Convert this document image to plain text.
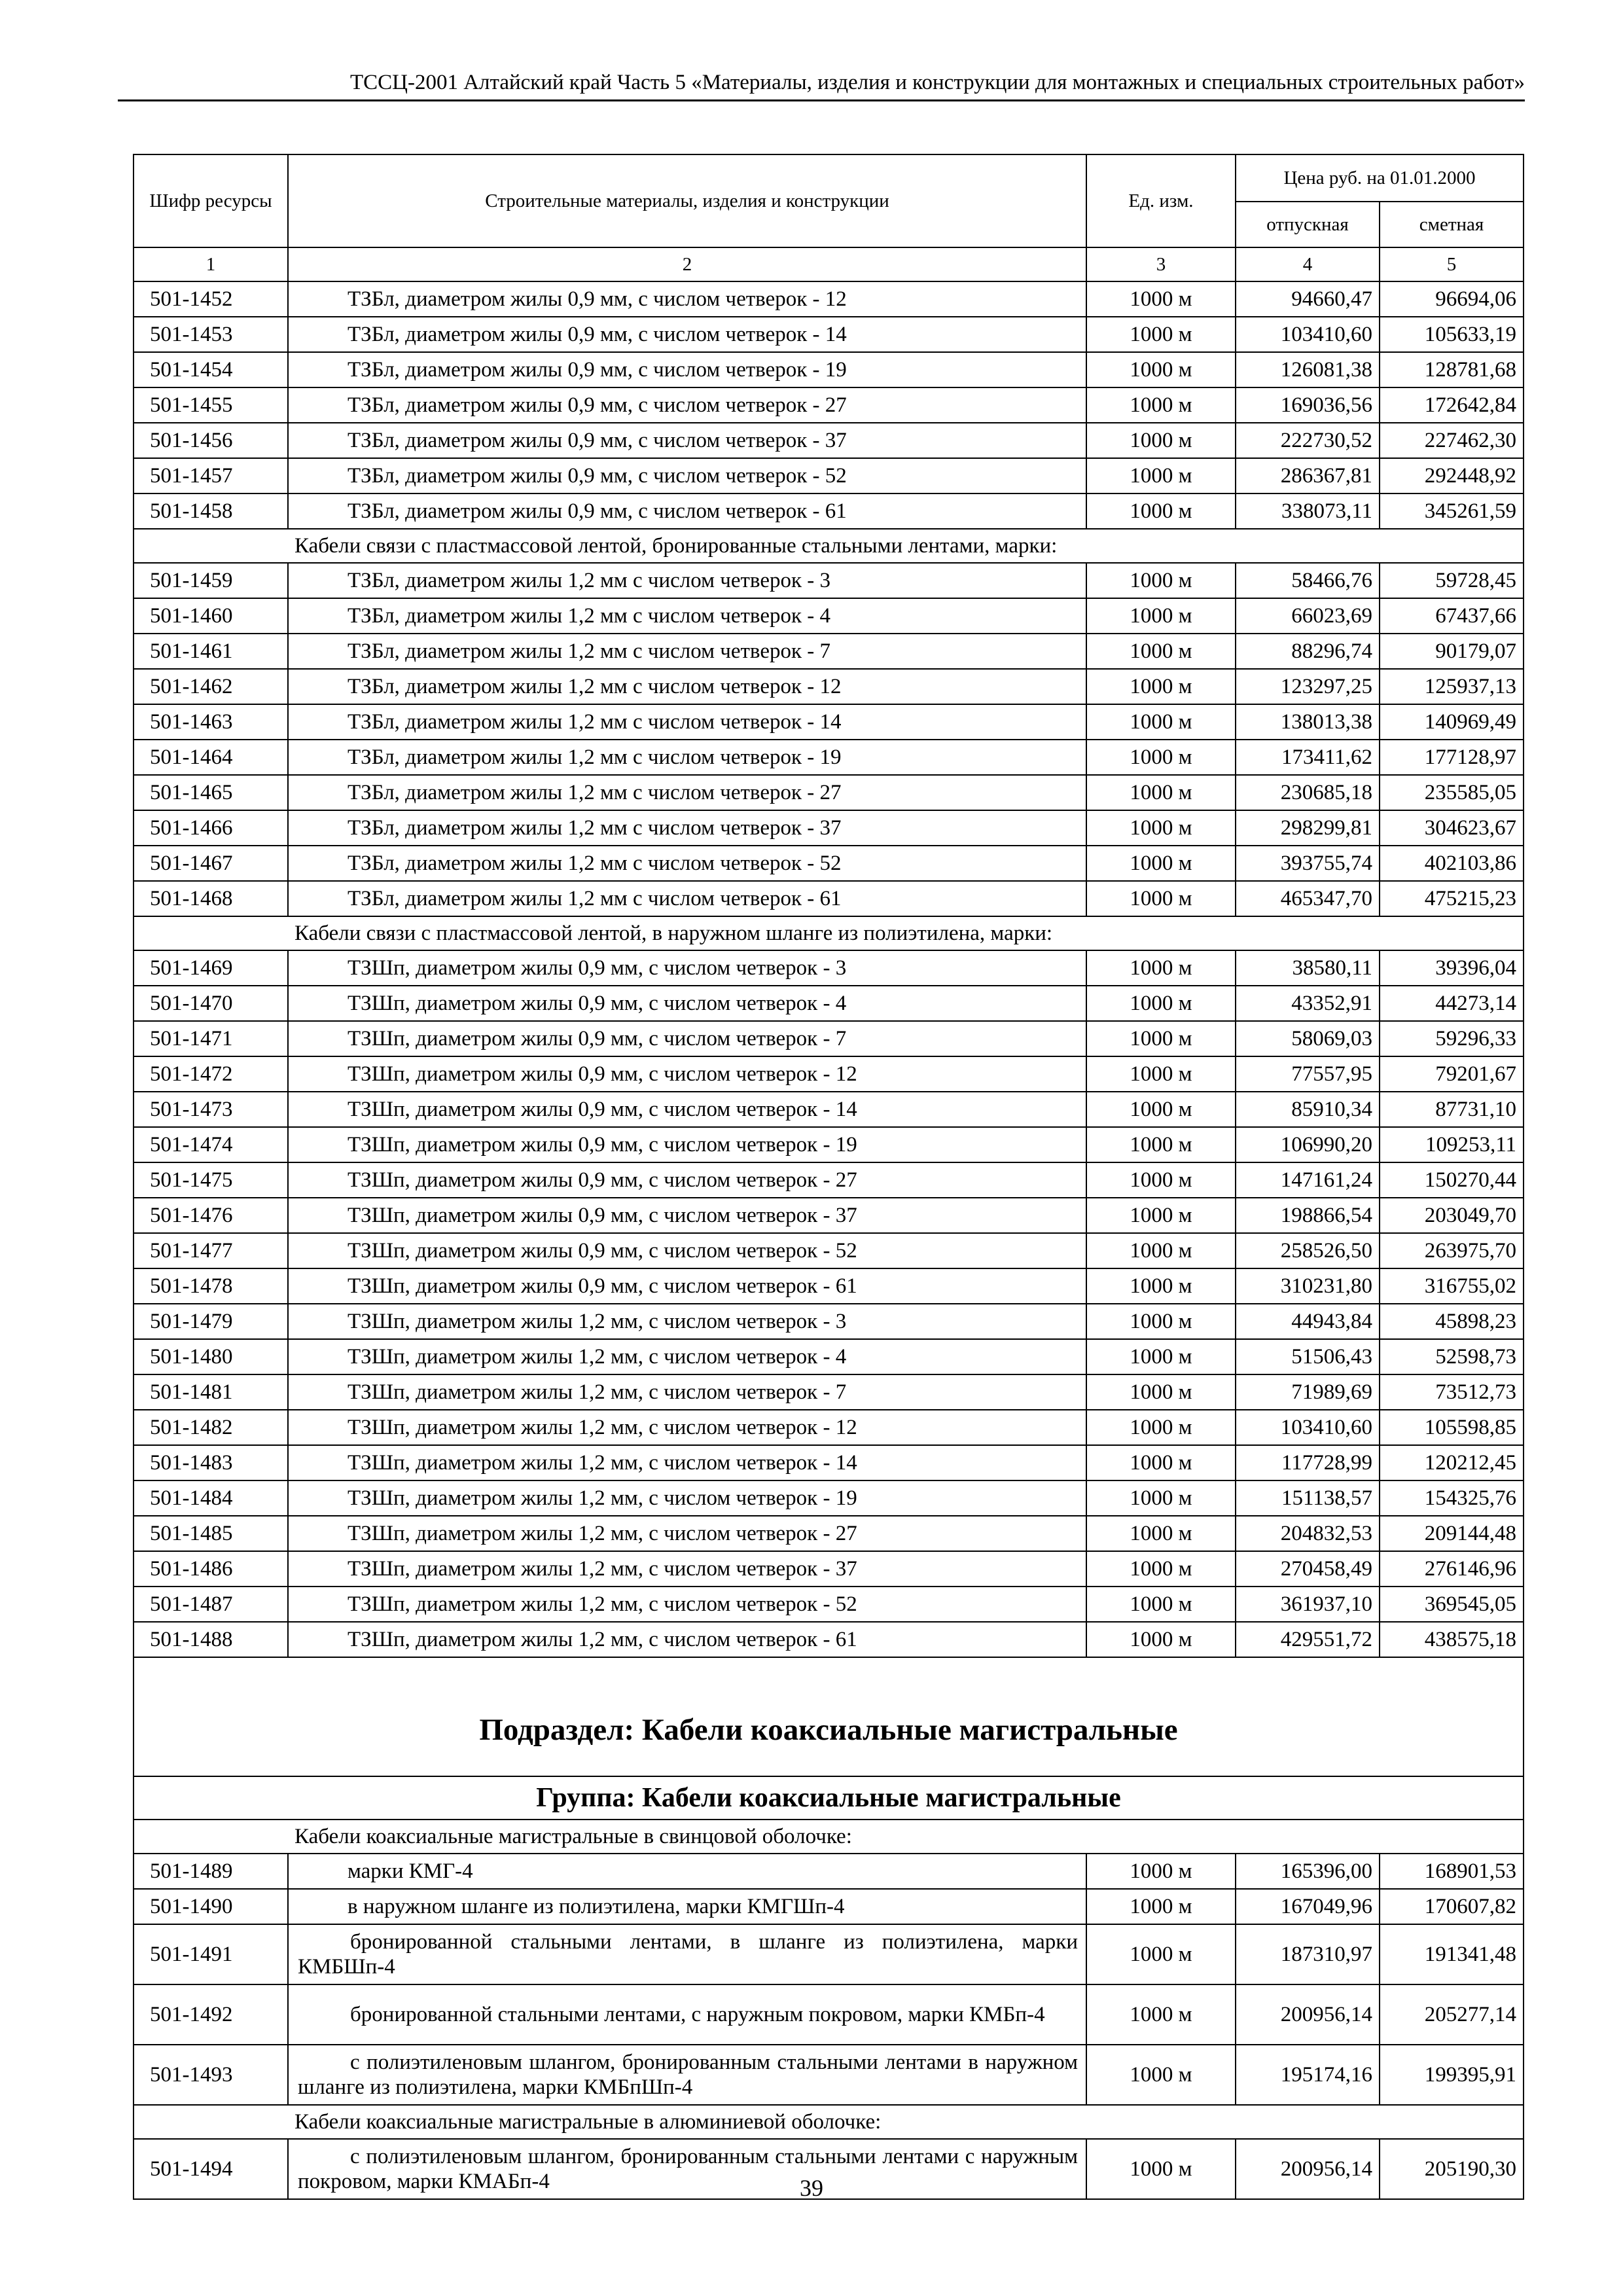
ТССЦ-2001 Алтайский край Часть 5 «Материалы, изделия и конструкции для монтажных и специальных строительных работ»
Шифр ресурсы	Строительные материалы, изделия и конструкции	Ед. изм.	Цена руб. на 01.01.2000	
			отпускная	сметная
1	2	3	4	5
501-1452	ТЗБл, диаметром жилы 0,9 мм, с числом четверок - 12	1000 м	94660,47	96694,06
501-1453	ТЗБл, диаметром жилы 0,9 мм, с числом четверок - 14	1000 м	103410,60	105633,19
501-1454	ТЗБл, диаметром жилы 0,9 мм, с числом четверок - 19	1000 м	126081,38	128781,68
501-1455	ТЗБл, диаметром жилы 0,9 мм, с числом четверок - 27	1000 м	169036,56	172642,84
501-1456	ТЗБл, диаметром жилы 0,9 мм, с числом четверок - 37	1000 м	222730,52	227462,30
501-1457	ТЗБл, диаметром жилы 0,9 мм, с числом четверок - 52	1000 м	286367,81	292448,92
501-1458	ТЗБл, диаметром жилы 0,9 мм, с числом четверок - 61	1000 м	338073,11	345261,59
Кабели связи с пластмассовой лентой, бронированные стальными лентами, марки:				
501-1459	ТЗБл, диаметром жилы 1,2 мм с числом четверок - 3	1000 м	58466,76	59728,45
501-1460	ТЗБл, диаметром жилы 1,2 мм с числом четверок - 4	1000 м	66023,69	67437,66
501-1461	ТЗБл, диаметром жилы 1,2 мм с числом четверок - 7	1000 м	88296,74	90179,07
501-1462	ТЗБл, диаметром жилы 1,2 мм с числом четверок - 12	1000 м	123297,25	125937,13
501-1463	ТЗБл, диаметром жилы 1,2 мм с числом четверок - 14	1000 м	138013,38	140969,49
501-1464	ТЗБл, диаметром жилы 1,2 мм с числом четверок - 19	1000 м	173411,62	177128,97
501-1465	ТЗБл, диаметром жилы 1,2 мм с числом четверок - 27	1000 м	230685,18	235585,05
501-1466	ТЗБл, диаметром жилы 1,2 мм с числом четверок - 37	1000 м	298299,81	304623,67
501-1467	ТЗБл, диаметром жилы 1,2 мм с числом четверок - 52	1000 м	393755,74	402103,86
501-1468	ТЗБл, диаметром жилы 1,2 мм с числом четверок - 61	1000 м	465347,70	475215,23
Кабели связи с пластмассовой лентой, в наружном шланге из полиэтилена, марки:				
501-1469	ТЗШп, диаметром жилы 0,9 мм, с числом четверок - 3	1000 м	38580,11	39396,04
501-1470	ТЗШп, диаметром жилы 0,9 мм, с числом четверок - 4	1000 м	43352,91	44273,14
501-1471	ТЗШп, диаметром жилы 0,9 мм, с числом четверок - 7	1000 м	58069,03	59296,33
501-1472	ТЗШп, диаметром жилы 0,9 мм, с числом четверок - 12	1000 м	77557,95	79201,67
501-1473	ТЗШп, диаметром жилы 0,9 мм, с числом четверок - 14	1000 м	85910,34	87731,10
501-1474	ТЗШп, диаметром жилы 0,9 мм, с числом четверок - 19	1000 м	106990,20	109253,11
501-1475	ТЗШп, диаметром жилы 0,9 мм, с числом четверок - 27	1000 м	147161,24	150270,44
501-1476	ТЗШп, диаметром жилы 0,9 мм, с числом четверок - 37	1000 м	198866,54	203049,70
501-1477	ТЗШп, диаметром жилы 0,9 мм, с числом четверок - 52	1000 м	258526,50	263975,70
501-1478	ТЗШп, диаметром жилы 0,9 мм, с числом четверок - 61	1000 м	310231,80	316755,02
501-1479	ТЗШп, диаметром жилы 1,2 мм, с числом четверок - 3	1000 м	44943,84	45898,23
501-1480	ТЗШп, диаметром жилы 1,2 мм, с числом четверок - 4	1000 м	51506,43	52598,73
501-1481	ТЗШп, диаметром жилы 1,2 мм, с числом четверок - 7	1000 м	71989,69	73512,73
501-1482	ТЗШп, диаметром жилы 1,2 мм, с числом четверок - 12	1000 м	103410,60	105598,85
501-1483	ТЗШп, диаметром жилы 1,2 мм, с числом четверок - 14	1000 м	117728,99	120212,45
501-1484	ТЗШп, диаметром жилы 1,2 мм, с числом четверок - 19	1000 м	151138,57	154325,76
501-1485	ТЗШп, диаметром жилы 1,2 мм, с числом четверок - 27	1000 м	204832,53	209144,48
501-1486	ТЗШп, диаметром жилы 1,2 мм, с числом четверок - 37	1000 м	270458,49	276146,96
501-1487	ТЗШп, диаметром жилы 1,2 мм, с числом четверок - 52	1000 м	361937,10	369545,05
501-1488	ТЗШп, диаметром жилы 1,2 мм, с числом четверок - 61	1000 м	429551,72	438575,18
Подраздел: Кабели коаксиальные магистральные				
Группа: Кабели коаксиальные магистральные				
Кабели коаксиальные магистральные в свинцовой оболочке:				
501-1489	марки КМГ-4	1000 м	165396,00	168901,53
501-1490	в наружном шланге из полиэтилена, марки КМГШп-4	1000 м	167049,96	170607,82
501-1491	бронированной стальными лентами, в шланге из полиэтилена, марки КМБШп-4	1000 м	187310,97	191341,48
501-1492	бронированной стальными лентами, с наружным покровом, марки КМБп-4	1000 м	200956,14	205277,14
501-1493	с полиэтиленовым шлангом, бронированным стальными лентами в наружном шланге из полиэтилена, марки КМБпШп-4	1000 м	195174,16	199395,91
Кабели коаксиальные магистральные в алюминиевой оболочке:				
501-1494	с полиэтиленовым шлангом, бронированным стальными лентами с наружным покровом, марки КМАБп-4	1000 м	200956,14	205190,30
39
